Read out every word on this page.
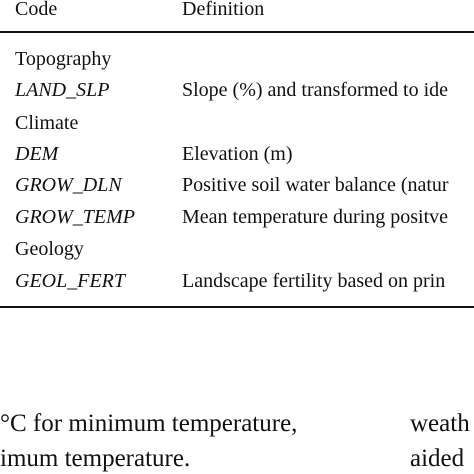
Code	Definition
Topography
LAND_SLP	Slope (%) and transformed to ide
Climate
DEM	Elevation (m)
GROW_DLN	Positive soil water balance (natur
GROW_TEMP Mean temperature during positve
Geology
GEOL_FERT	Landscape fertility based on prin
°C for minimum temperature,
imum temperature.
weath
aided
